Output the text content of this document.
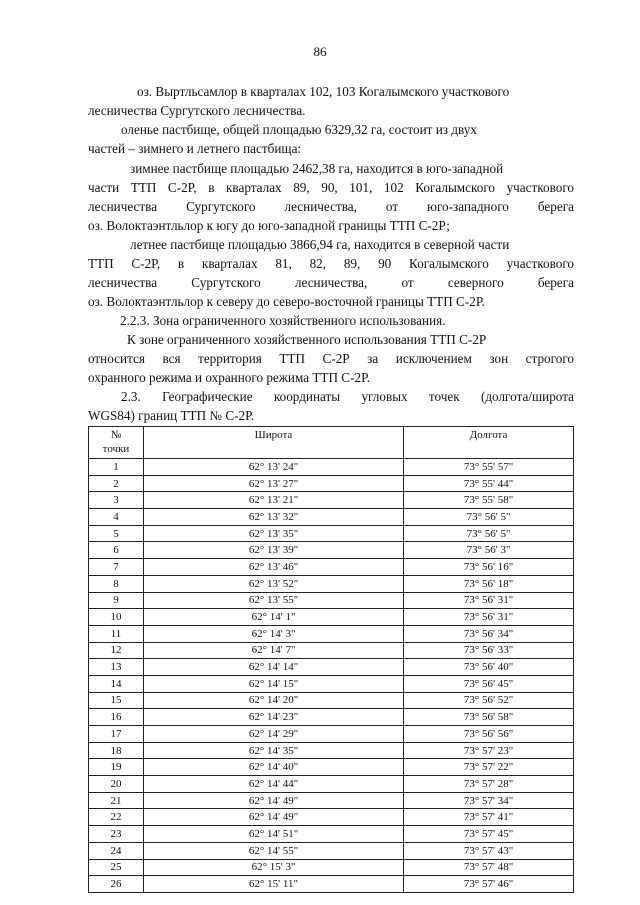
86

оз. Выртльсамлор в кварталах 102, 103 Когалымского участкового

лесничества Сургутского лесничества.

оленье пастбище, общей площадью 6329,32 га, состоит из двух

частей – зимнего и летнего пастбища:

зимнее пастбище площадью 2462,38 га, находится в юго-западной

части ТТП С-2Р, в кварталах 89, 90, 101, 102 Когалымского участкового

лесничества Сургутского лесничества, от юго-западного берега

оз. Волоктаэнтльлор к югу до юго-западной границы ТТП С-2Р;

летнее пастбище площадью 3866,94 га, находится в северной части

ТТП С-2Р, в кварталах 81, 82, 89, 90 Когалымского участкового

лесничества Сургутского лесничества, от северного берега

оз. Волоктаэнтльлор к северу до северо-восточной границы ТТП С-2Р.

2.2.3. Зона ограниченного хозяйственного использования.

К зоне ограниченного хозяйственного использования ТТП С-2Р

относится вся территория ТТП С-2Р за исключением зон строгого

охранного режима и охранного режима ТТП С-2Р.

2.3. Географические координаты угловых точек (долгота/широта

WGS84) границ ТТП № С-2Р.

№
точки	Широта	Долгота
1	62° 13' 24"	73° 55' 57"
2	62° 13' 27"	73° 55' 44"
3	62° 13' 21"	73° 55' 58"
4	62° 13' 32"	73° 56' 5"
5	62° 13' 35"	73° 56' 5"
6	62° 13' 39"	73° 56' 3"
7	62° 13' 46"	73° 56' 16"
8	62° 13' 52"	73° 56' 18"
9	62° 13' 55"	73° 56' 31"
10	62° 14' 1"	73° 56' 31"
11	62° 14' 3"	73° 56' 34"
12	62° 14' 7"	73° 56' 33"
13	62° 14' 14"	73° 56' 40"
14	62° 14' 15"	73° 56' 45"
15	62° 14' 20"	73° 56' 52"
16	62° 14' 23"	73° 56' 58"
17	62° 14' 29"	73° 56' 56"
18	62° 14' 35"	73° 57' 23"
19	62° 14' 40"	73° 57' 22"
20	62° 14' 44"	73° 57' 28"
21	62° 14' 49"	73° 57' 34"
22	62° 14' 49"	73° 57' 41"
23	62° 14' 51"	73° 57' 45"
24	62° 14' 55"	73° 57' 43"
25	62° 15' 3"	73° 57' 48"
26	62° 15' 11"	73° 57' 46"
